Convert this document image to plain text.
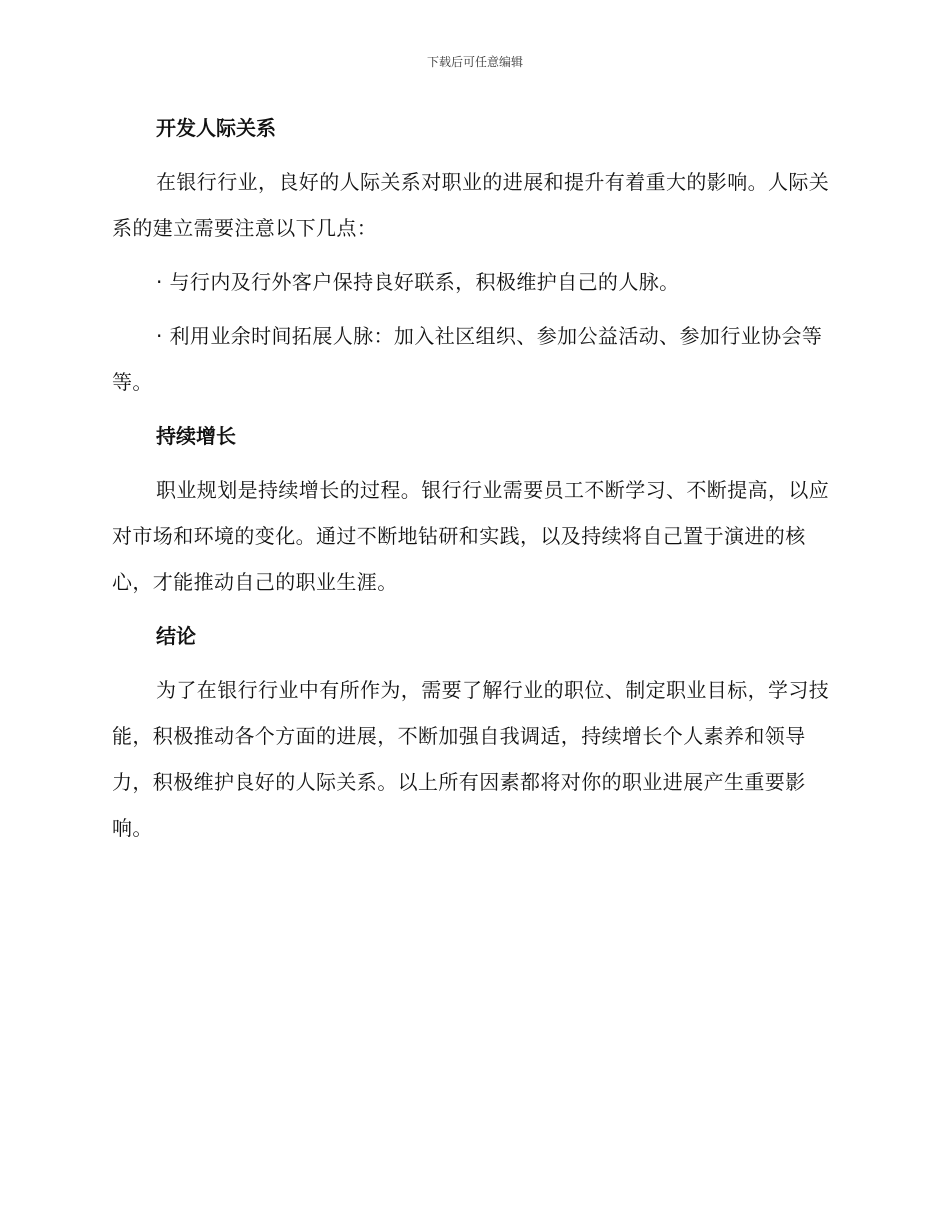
下载后可任意编辑
开发人际关系

在银行行业，良好的人际关系对职业的进展和提升有着重大的影响。人际关系的建立需要注意以下几点：

· 与行内及行外客户保持良好联系，积极维护自己的人脉。

· 利用业余时间拓展人脉：加入社区组织、参加公益活动、参加行业协会等等。

持续增长

职业规划是持续增长的过程。银行行业需要员工不断学习、不断提高，以应对市场和环境的变化。通过不断地钻研和实践，以及持续将自己置于演进的核心，才能推动自己的职业生涯。

结论

为了在银行行业中有所作为，需要了解行业的职位、制定职业目标，学习技能，积极推动各个方面的进展，不断加强自我调适，持续增长个人素养和领导力，积极维护良好的人际关系。以上所有因素都将对你的职业进展产生重要影响。
